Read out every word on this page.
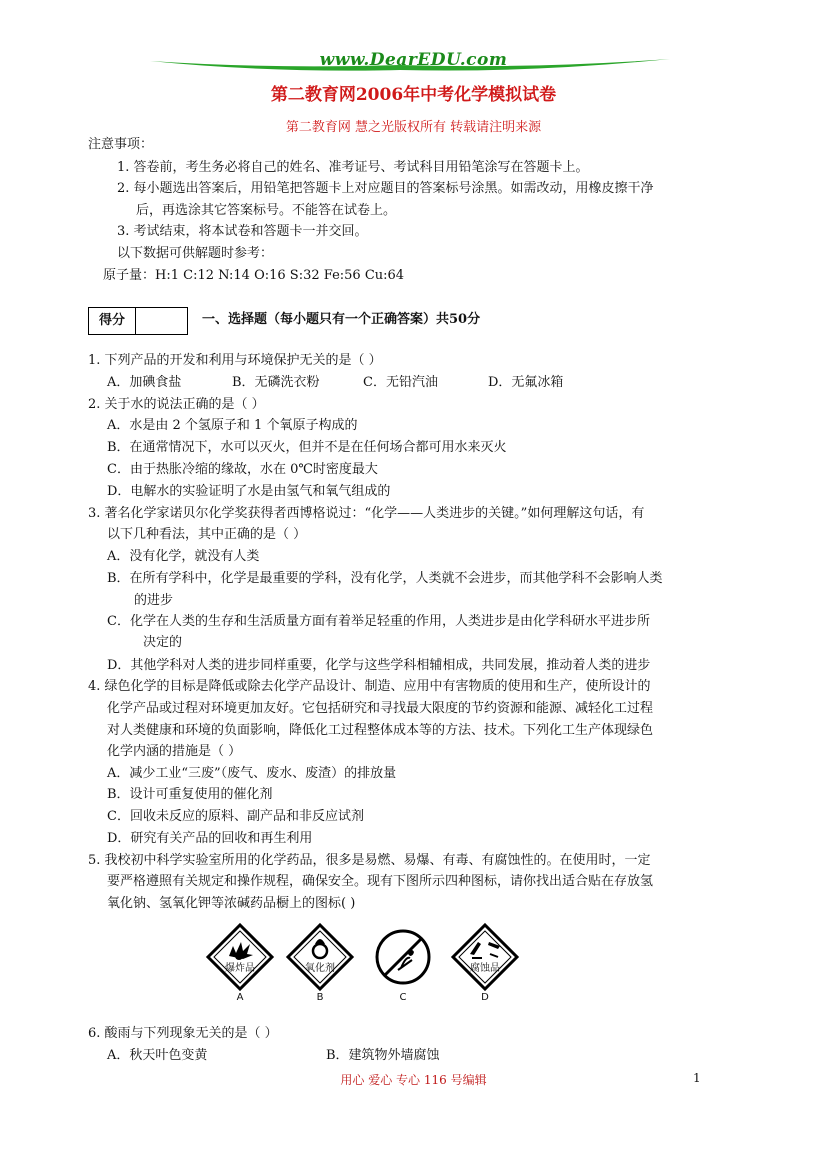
www.DearEDU.com
第二教育网2006年中考化学模拟试卷
第二教育网 慧之光版权所有 转载请注明来源
注意事项：
1. 答卷前，考生务必将自己的姓名、准考证号、考试科目用铅笔涂写在答题卡上。
2. 每小题选出答案后，用铅笔把答题卡上对应题目的答案标号涂黑。如需改动，用橡皮擦干净
后，再选涂其它答案标号。不能答在试卷上。
3. 考试结束，将本试卷和答题卡一并交回。
以下数据可供解题时参考：
原子量：H:1 C:12 N:14 O:16 S:32 Fe:56 Cu:64
得分	一、选择题（每小题只有一个正确答案）共50分
1. 下列产品的开发和利用与环境保护无关的是（ ）
A．加碘食盐	B．无磷洗衣粉	C．无铅汽油	D．无氟冰箱
2. 关于水的说法正确的是（ ）
A．水是由 2 个氢原子和 1 个氧原子构成的
B．在通常情况下，水可以灭火，但并不是在任何场合都可用水来灭火
C．由于热胀冷缩的缘故，水在 0℃时密度最大
D．电解水的实验证明了水是由氢气和氧气组成的
3. 著名化学家诺贝尔化学奖获得者西博格说过：“化学——人类进步的关键。”如何理解这句话，有
以下几种看法，其中正确的是（ ）
A．没有化学，就没有人类
B．在所有学科中，化学是最重要的学科，没有化学，人类就不会进步，而其他学科不会影响人类
的进步
C．化学在人类的生存和生活质量方面有着举足轻重的作用，人类进步是由化学科研水平进步所
决定的
D．其他学科对人类的进步同样重要，化学与这些学科相辅相成，共同发展，推动着人类的进步
4. 绿色化学的目标是降低或除去化学产品设计、制造、应用中有害物质的使用和生产，使所设计的
化学产品或过程对环境更加友好。它包括研究和寻找最大限度的节约资源和能源、减轻化工过程
对人类健康和环境的负面影响，降低化工过程整体成本等的方法、技术。下列化工生产体现绿色
化学内涵的措施是（ ）
A．减少工业“三废”（废气、废水、废渣）的排放量
B．设计可重复使用的催化剂
C．回收未反应的原料、副产品和非反应试剂
D．研究有关产品的回收和再生利用
5. 我校初中科学实验室所用的化学药品，很多是易燃、易爆、有毒、有腐蚀性的。在使用时，一定
要严格遵照有关规定和操作规程，确保安全。现有下图所示四种图标，请你找出适合贴在存放氢
氧化钠、氢氧化钾等浓碱药品橱上的图标( )
爆炸品
A
氧化剂
B	C
腐蚀品
D
6. 酸雨与下列现象无关的是（ ）
A．秋天叶色变黄	B．建筑物外墙腐蚀
用心 爱心 专心 116 号编辑	1
